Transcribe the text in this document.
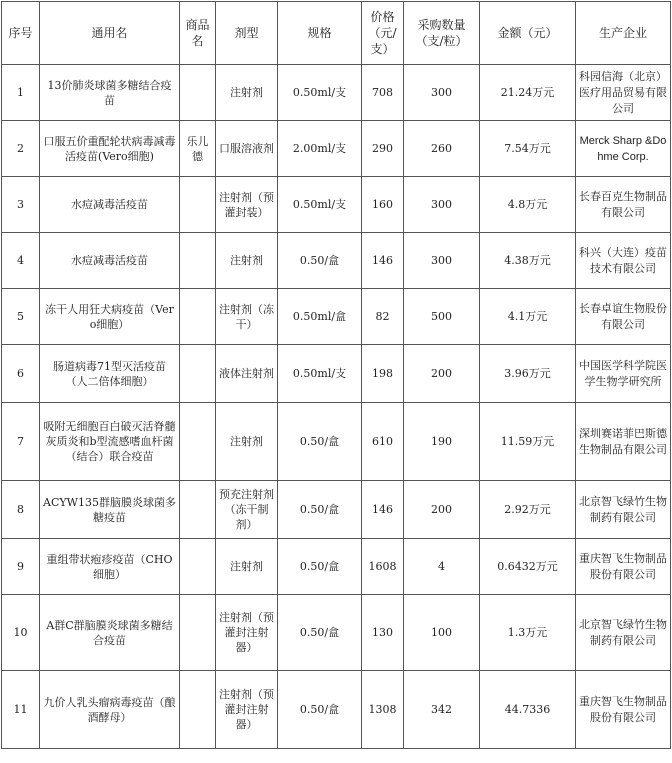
序号	通用名	商品名	剂型	规格	价格（元/支）	采购数量（支/粒）	金额（元）	生产企业
1	13价肺炎球菌多糖结合疫苗		注射剂	0.50ml/支	708	300	21.24万元	科园信海（北京）医疗用品贸易有限公司
2	口服五价重配轮状病毒减毒活疫苗(Vero细胞)	乐儿德	口服溶液剂	2.00ml/支	290	260	7.54万元	Merck Sharp &Dohme Corp.
3	水痘减毒活疫苗		注射剂（预灌封装）	0.50ml/支	160	300	4.8万元	长春百克生物制品有限公司
4	水痘减毒活疫苗		注射剂	0.50/盒	146	300	4.38万元	科兴（大连）疫苗技术有限公司
5	冻干人用狂犬病疫苗（Vero细胞）		注射剂（冻干）	0.50ml/盒	82	500	4.1万元	长春卓谊生物股份有限公司
6	肠道病毒71型灭活疫苗（人二倍体细胞）		液体注射剂	0.50ml/支	198	200	3.96万元	中国医学科学院医学生物学研究所
7	吸附无细胞百白破灭活脊髓灰质炎和b型流感嗜血杆菌（结合）联合疫苗		注射剂	0.50/盒	610	190	11.59万元	深圳赛诺菲巴斯德生物制品有限公司
8	ACYW135群脑膜炎球菌多糖疫苗		预充注射剂（冻干制剂）	0.50/盒	146	200	2.92万元	北京智飞绿竹生物制药有限公司
9	重组带状疱疹疫苗（CHO细胞）		注射剂	0.50/盒	1608	4	0.6432万元	重庆智飞生物制品股份有限公司
10	A群C群脑膜炎球菌多糖结合疫苗		注射剂（预灌封注射器）	0.50/盒	130	100	1.3万元	北京智飞绿竹生物制药有限公司
11	九价人乳头瘤病毒疫苗（酿酒酵母）		注射剂（预灌封注射器）	0.50/盒	1308	342	44.7336	重庆智飞生物制品股份有限公司
